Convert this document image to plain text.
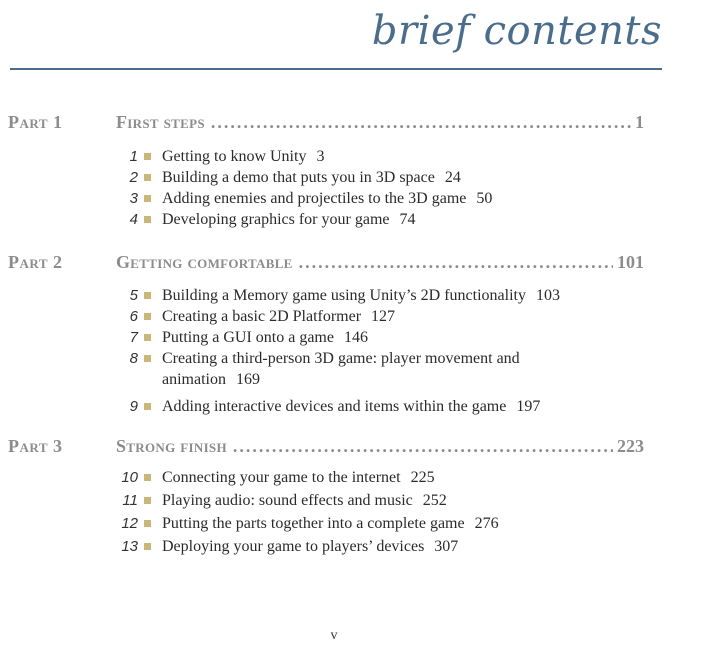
brief contents
Part 1	First steps .....	1
1 Getting to know Unity 3
2 Building a demo that puts you in 3D space 24
3 Adding enemies and projectiles to the 3D game 50
4 Developing graphics for your game 74
Part 2	Getting comfortable .....	101
5 Building a Memory game using Unity’s 2D functionality 103
6 Creating a basic 2D Platformer 127
7 Putting a GUI onto a game 146
8 Creating a third-person 3D game: player movement and animation 169
9 Adding interactive devices and items within the game 197
Part 3	Strong finish .....	223
10 Connecting your game to the internet 225
11 Playing audio: sound effects and music 252
12 Putting the parts together into a complete game 276
13 Deploying your game to players’ devices 307
v
